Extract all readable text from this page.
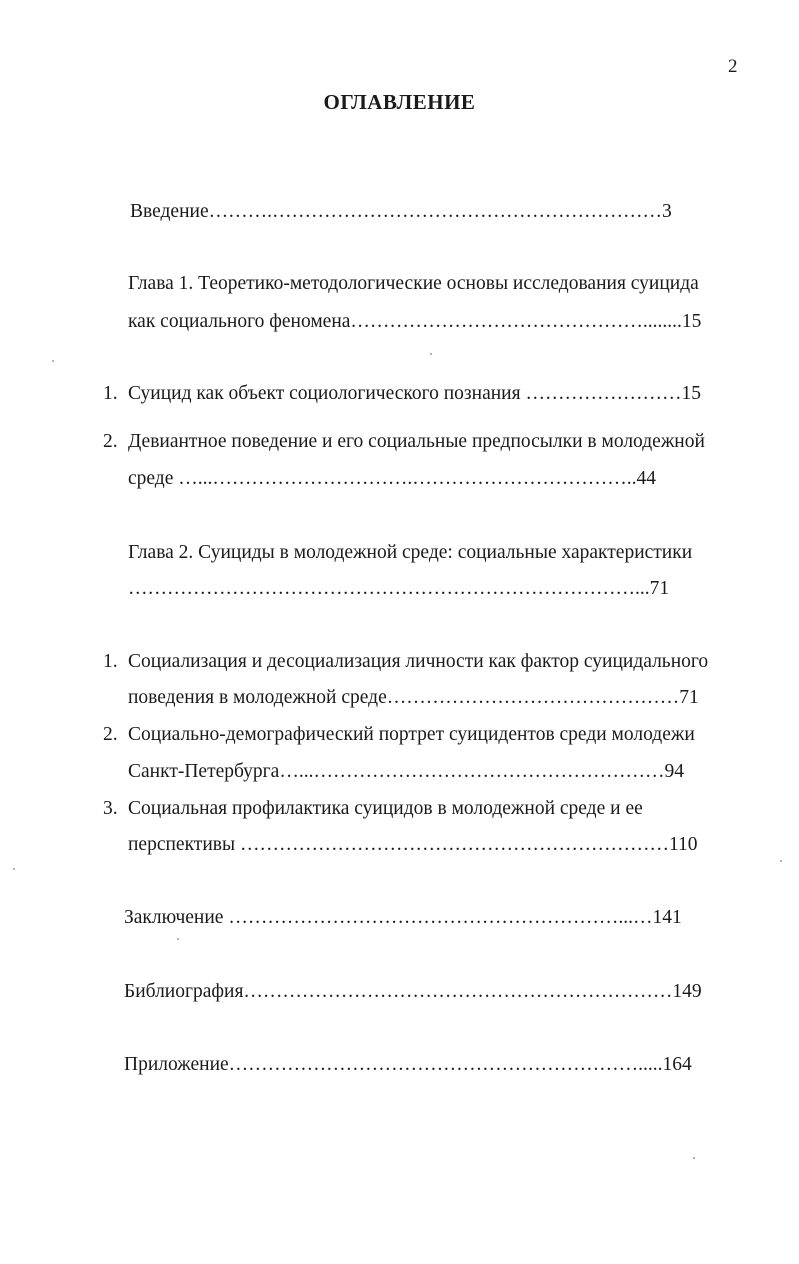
2
ОГЛАВЛЕНИЕ
Введение……….……………………………………………………3
Глава 1. Теоретико-методологические основы исследования суицида
как социального феномена………………………………………........15
1. Суицид как объект социологического познания ……………………15
2. Девиантное поведение и его социальные предпосылки в молодежной
среде …...………………………….……………………………..44
Глава 2. Суициды в молодежной среде: социальные характеристики
……………………………………………………………………...71
1. Социализация и десоциализация личности как фактор суицидального
поведения в молодежной среде………………………………………71
2. Социально-демографический портрет суицидентов среди молодежи
Санкт-Петербурга…...………………………………………………94
3. Социальная профилактика суицидов в молодежной среде и ее
перспективы …………………………………………………………110
Заключение ……………………………………………………...…141
Библиография…………………………………………………………149
Приложение……………………………………………………….....164
